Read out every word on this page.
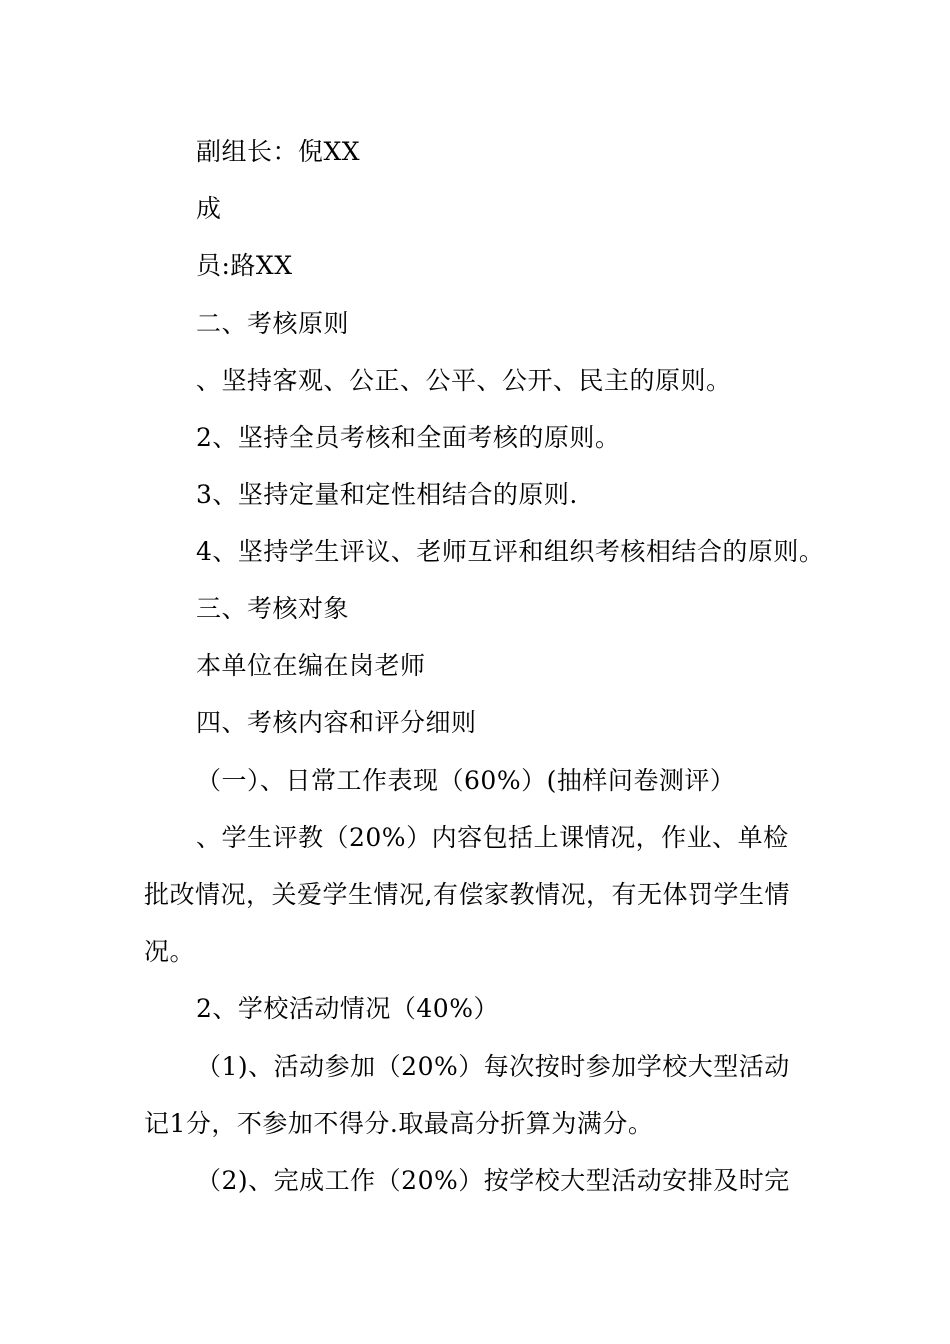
副组长：倪XX
成
员:路XX
二、考核原则
、坚持客观、公正、公平、公开、民主的原则。
2、坚持全员考核和全面考核的原则。
3、坚持定量和定性相结合的原则.
4、坚持学生评议、老师互评和组织考核相结合的原则。
三、考核对象
本单位在编在岗老师
四、考核内容和评分细则
（一）、日常工作表现（60%）(抽样问卷测评）
、学生评教（20%）内容包括上课情况，作业、单检
批改情况，关爱学生情况,有偿家教情况，有无体罚学生情
况。
2、学校活动情况（40%）
（1)、活动参加（20%）每次按时参加学校大型活动
记1分，不参加不得分.取最高分折算为满分。
（2)、完成工作（20%）按学校大型活动安排及时完
